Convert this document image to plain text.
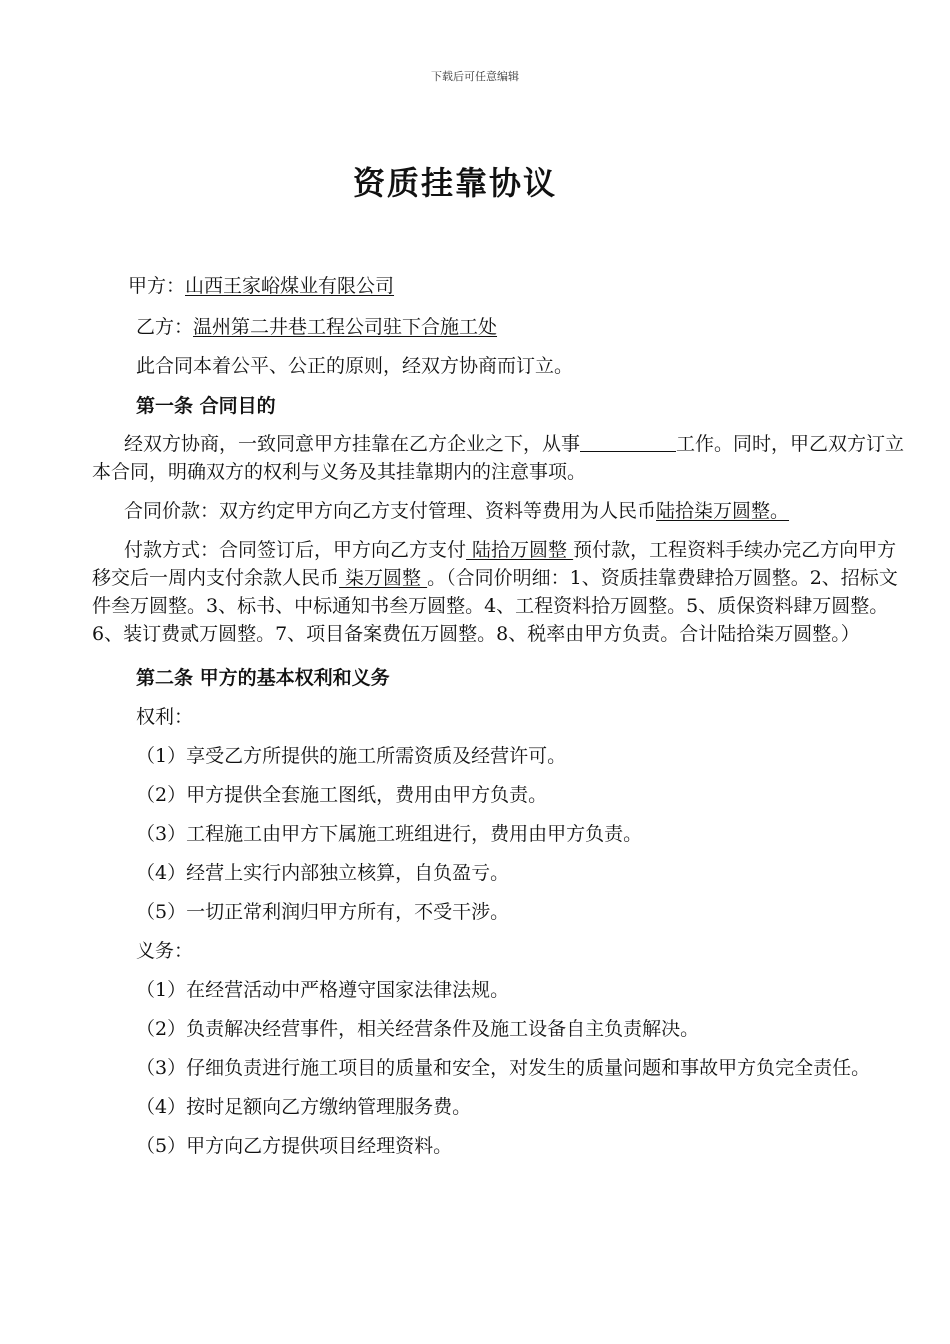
下载后可任意编辑
资质挂靠协议
甲方：山西王家峪煤业有限公司
乙方：温州第二井巷工程公司驻下合施工处
此合同本着公平、公正的原则，经双方协商而订立。
第一条 合同目的

经双方协商，一致同意甲方挂靠在乙方企业之下，从事	工作。同时，甲乙双方订立本合同，明确双方的权利与义务及其挂靠期内的注意事项。

合同价款：双方约定甲方向乙方支付管理、资料等费用为人民币陆拾柒万圆整。

付款方式：合同签订后，甲方向乙方支付 陆拾万圆整 预付款，工程资料手续办完乙方向甲方移交后一周内支付余款人民币 柒万圆整 。（合同价明细：1、资质挂靠费肆拾万圆整。2、招标文件叁万圆整。3、标书、中标通知书叁万圆整。4、工程资料拾万圆整。5、质保资料肆万圆整。6、装订费贰万圆整。7、项目备案费伍万圆整。8、税率由甲方负责。合计陆拾柒万圆整。）

第二条 甲方的基本权利和义务
权利：
（1）享受乙方所提供的施工所需资质及经营许可。
（2）甲方提供全套施工图纸，费用由甲方负责。
（3）工程施工由甲方下属施工班组进行，费用由甲方负责。
（4）经营上实行内部独立核算，自负盈亏。
（5）一切正常利润归甲方所有，不受干涉。
义务：
（1）在经营活动中严格遵守国家法律法规。
（2）负责解决经营事件，相关经营条件及施工设备自主负责解决。

（3）仔细负责进行施工项目的质量和安全，对发生的质量问题和事故甲方负完全责任。

（4）按时足额向乙方缴纳管理服务费。
（5）甲方向乙方提供项目经理资料。
